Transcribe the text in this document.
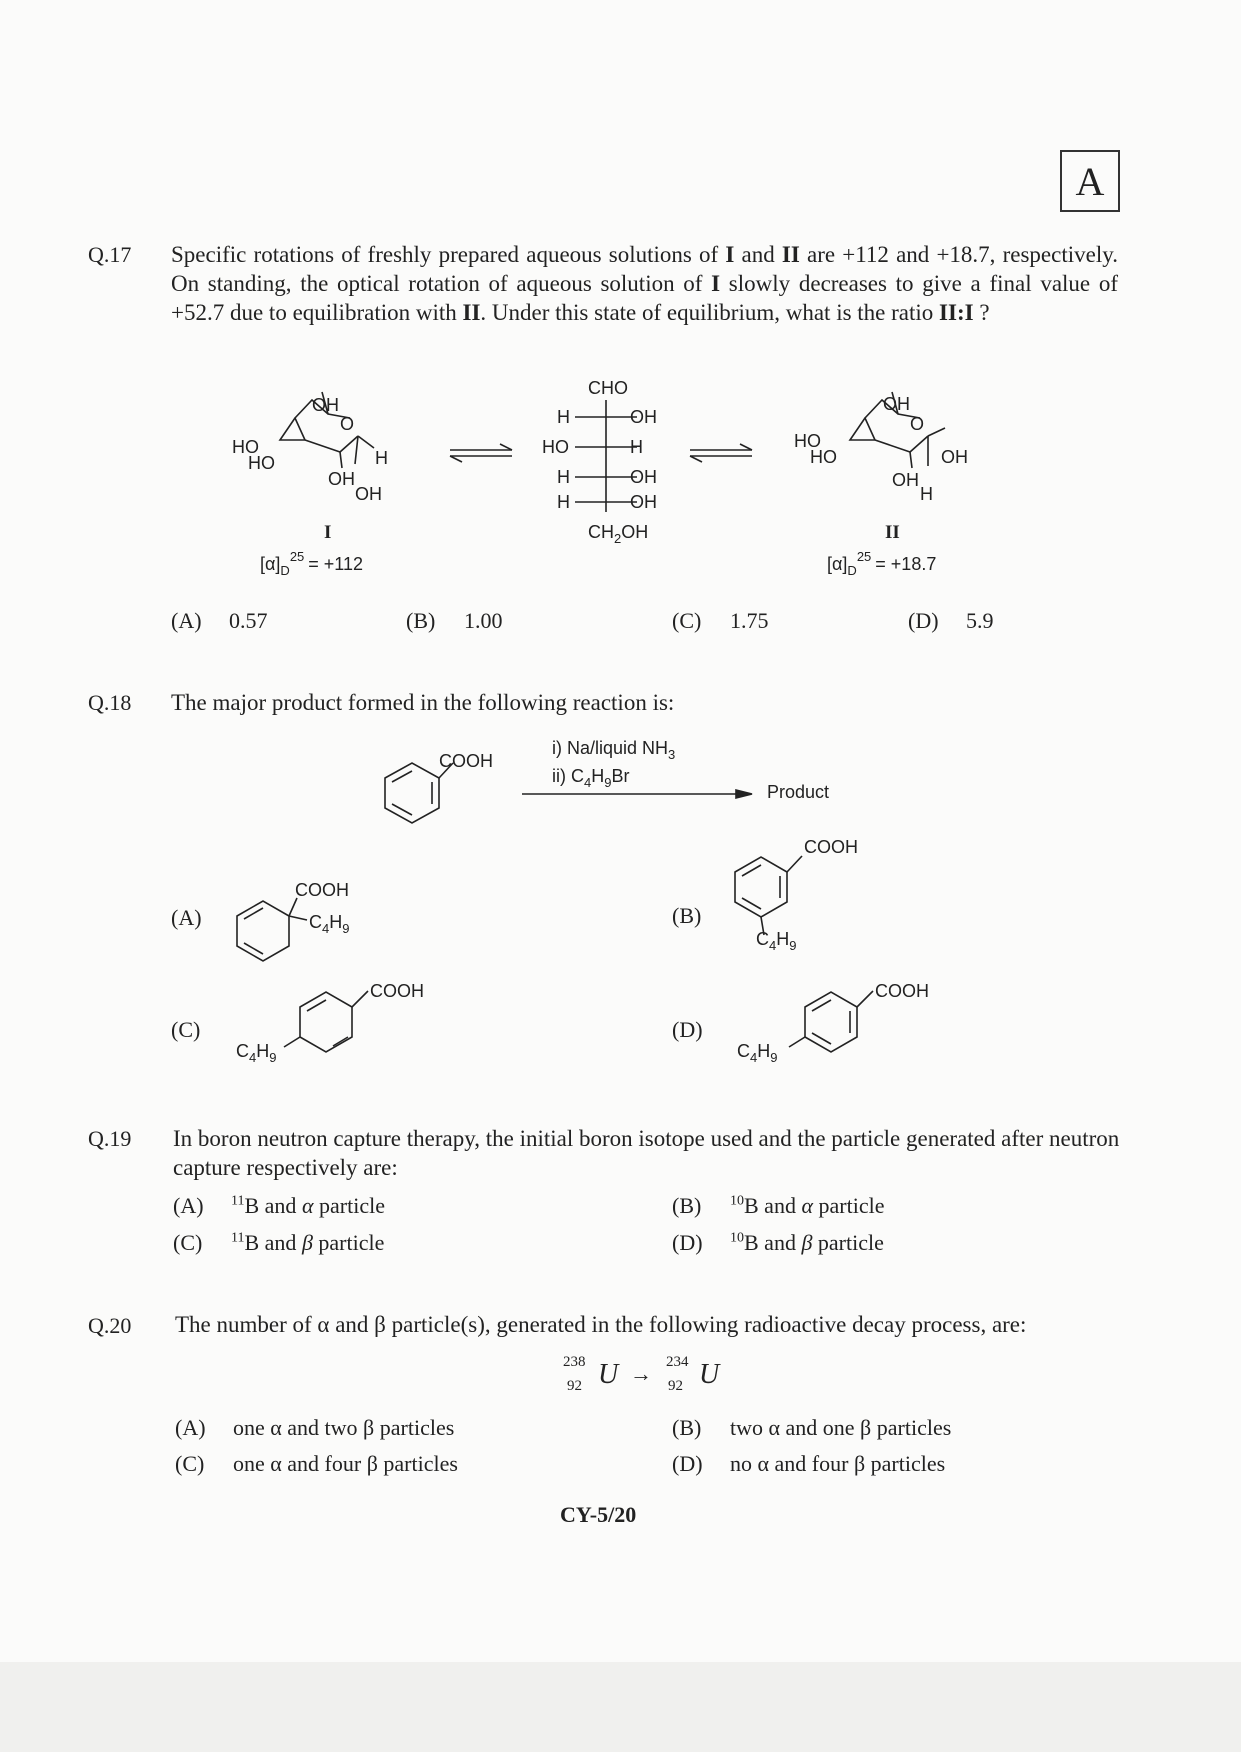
A
Q.17 Specific rotations of freshly prepared aqueous solutions of I and II are +112 and +18.7, respectively. On standing, the optical rotation of aqueous solution of I slowly decreases to give a final value of +52.7 due to equilibration with II. Under this state of equilibrium, what is the ratio II:I ?
OH
HO
HO
O
H
OH
OH
I
$[\alpha]_D^{25} = +112$
CHO
H	OH
HO	H
H	OH
H	OH
$CH_2OH$
OH
HO
HO
O
OH
OH
H
II
$[\alpha]_D^{25} = +18.7$
(A) 0.57	(B) 1.00	(C) 1.75	(D) 5.9
Q.18 The major product formed in the following reaction is:
COOH
i) Na/liquid $NH_3$
ii) $C_4H_9Br$
Product
(A)
COOH
$C_4H_9$
(B)
COOH
$C_4H_9$
(C)
COOH
$C_4H_9$
(D)
COOH
$C_4H_9$
Q.19 In boron neutron capture therapy, the initial boron isotope used and the particle generated after neutron capture respectively are:
(A) $^{11}$B and α particle	(B) $^{10}$B and α particle
(C) $^{11}$B and β particle	(D) $^{10}$B and β particle
Q.20 The number of α and β particle(s), generated in the following radioactive decay process, are:
238
92 U → 234
92 U
(A) one α and two β particles	(B) two α and one β particles
(C) one α and four β particles	(D) no α and four β particles
CY-5/20
